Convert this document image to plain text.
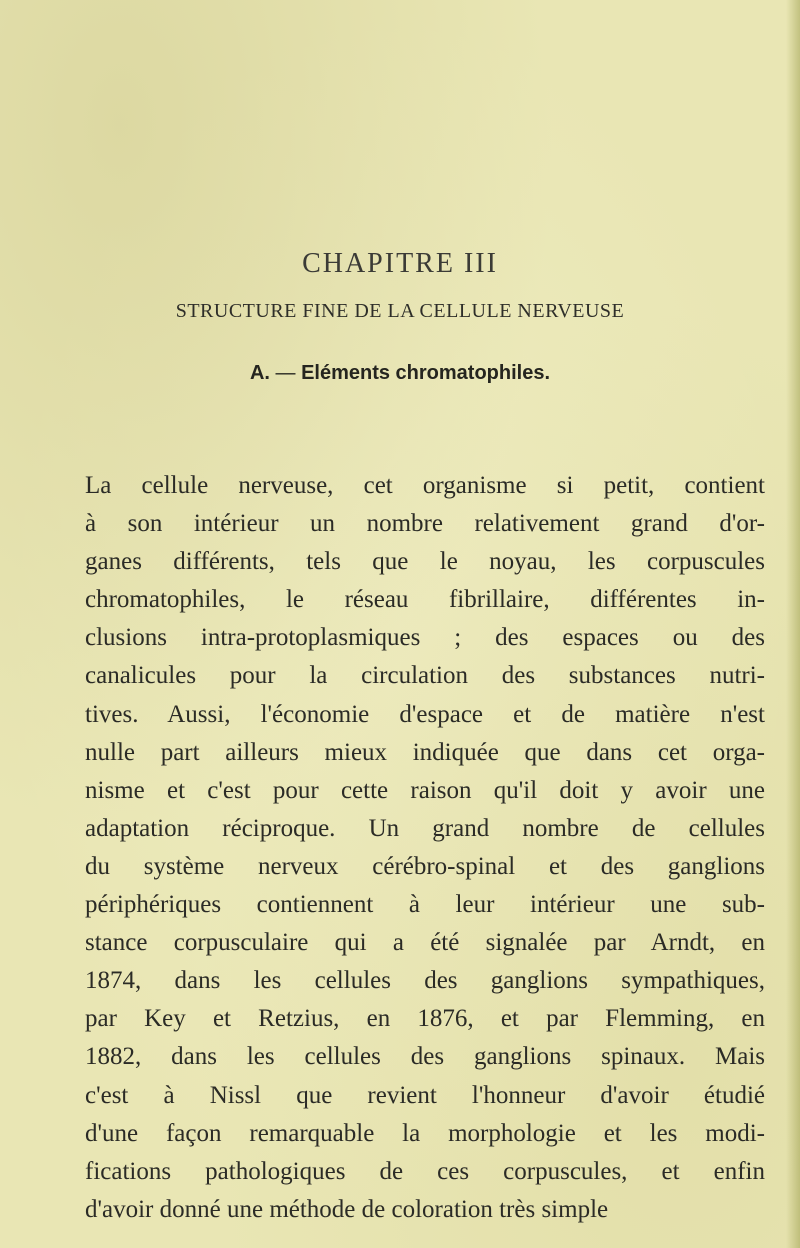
CHAPITRE III
STRUCTURE FINE DE LA CELLULE NERVEUSE
A. — Eléments chromatophiles.
La cellule nerveuse, cet organisme si petit, contient
à son intérieur un nombre relativement grand d'or-
ganes différents, tels que le noyau, les corpuscules
chromatophiles, le réseau fibrillaire, différentes in-
clusions intra-protoplasmiques ; des espaces ou des
canalicules pour la circulation des substances nutri-
tives. Aussi, l'économie d'espace et de matière n'est
nulle part ailleurs mieux indiquée que dans cet orga-
nisme et c'est pour cette raison qu'il doit y avoir une
adaptation réciproque. Un grand nombre de cellules
du système nerveux cérébro-spinal et des ganglions
périphériques contiennent à leur intérieur une sub-
stance corpusculaire qui a été signalée par Arndt, en
1874, dans les cellules des ganglions sympathiques,
par Key et Retzius, en 1876, et par Flemming, en
1882, dans les cellules des ganglions spinaux. Mais
c'est à Nissl que revient l'honneur d'avoir étudié
d'une façon remarquable la morphologie et les modi-
fications pathologiques de ces corpuscules, et enfin
d'avoir donné une méthode de coloration très simple
